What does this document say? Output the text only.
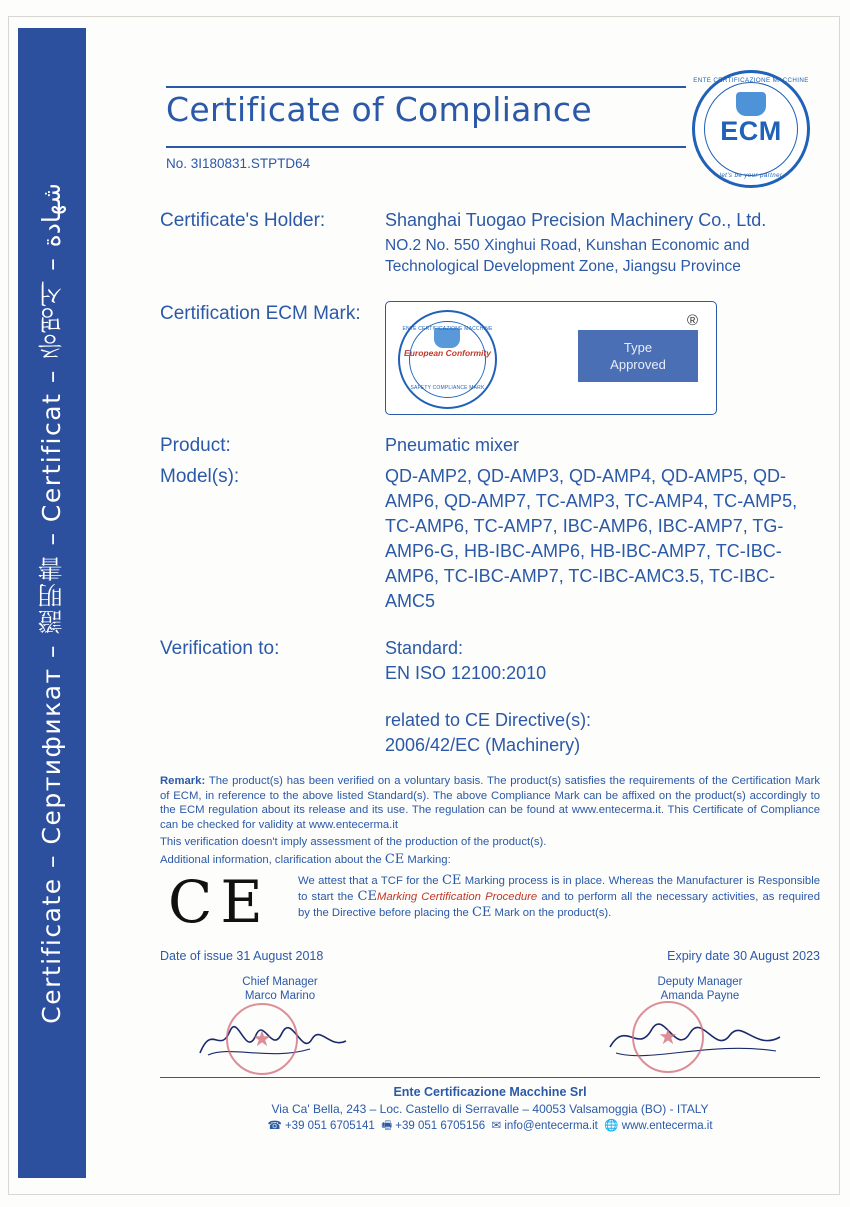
Certificate – Сертификат – 證明書 – Certificat – 증명서 – شهادة
Certificate of Compliance
No. 3I180831.STPTD64
ENTE CERTIFICAZIONE MACCHINE
ECM
let's be your partner
Certificate's Holder:	Shanghai Tuogao Precision Machinery Co., Ltd.
NO.2 No. 550 Xinghui Road, Kunshan Economic and Technological Development Zone, Jiangsu Province
Certification ECM Mark:
ENTE CERTIFICAZIONE MACCHINE
European Conformity
SAFETY COMPLIANCE MARK
®
Type
Approved
Product:	Pneumatic mixer
Model(s):	QD-AMP2, QD-AMP3, QD-AMP4, QD-AMP5, QD-AMP6, QD-AMP7, TC-AMP3, TC-AMP4, TC-AMP5, TC-AMP6, TC-AMP7, IBC-AMP6, IBC-AMP7, TG-AMP6-G, HB-IBC-AMP6, HB-IBC-AMP7, TC-IBC-AMP6, TC-IBC-AMP7, TC-IBC-AMC3.5, TC-IBC-AMC5
Verification to:	Standard:
EN ISO 12100:2010
related to CE Directive(s):
2006/42/EC (Machinery)

Remark: The product(s) has been verified on a voluntary basis. The product(s) satisfies the requirements of the Certification Mark of ECM, in reference to the above listed Standard(s). The above Compliance Mark can be affixed on the product(s) accordingly to the ECM regulation about its release and its use. The regulation can be found at www.entecerma.it. This Certificate of Compliance can be checked for validity at www.entecerma.it

This verification doesn't imply assessment of the production of the product(s).

Additional information, clarification about the CE Marking:

CE	We attest that a TCF for the CE Marking process is in place. Whereas the Manufacturer is Responsible to start the CEMarking Certification Procedure and to perform all the necessary activities, as required by the Directive before placing the CE Mark on the product(s).
Date of issue 31 August 2018	Expiry date 30 August 2023
Chief Manager
Marco Marino
★
Deputy Manager
Amanda Payne
★
Ente Certificazione Macchine Srl
Via Ca' Bella, 243 – Loc. Castello di Serravalle – 40053 Valsamoggia (BO) - ITALY
☎ +39 051 6705141 🖷 +39 051 6705156 ✉ info@entecerma.it 🌐 www.entecerma.it
